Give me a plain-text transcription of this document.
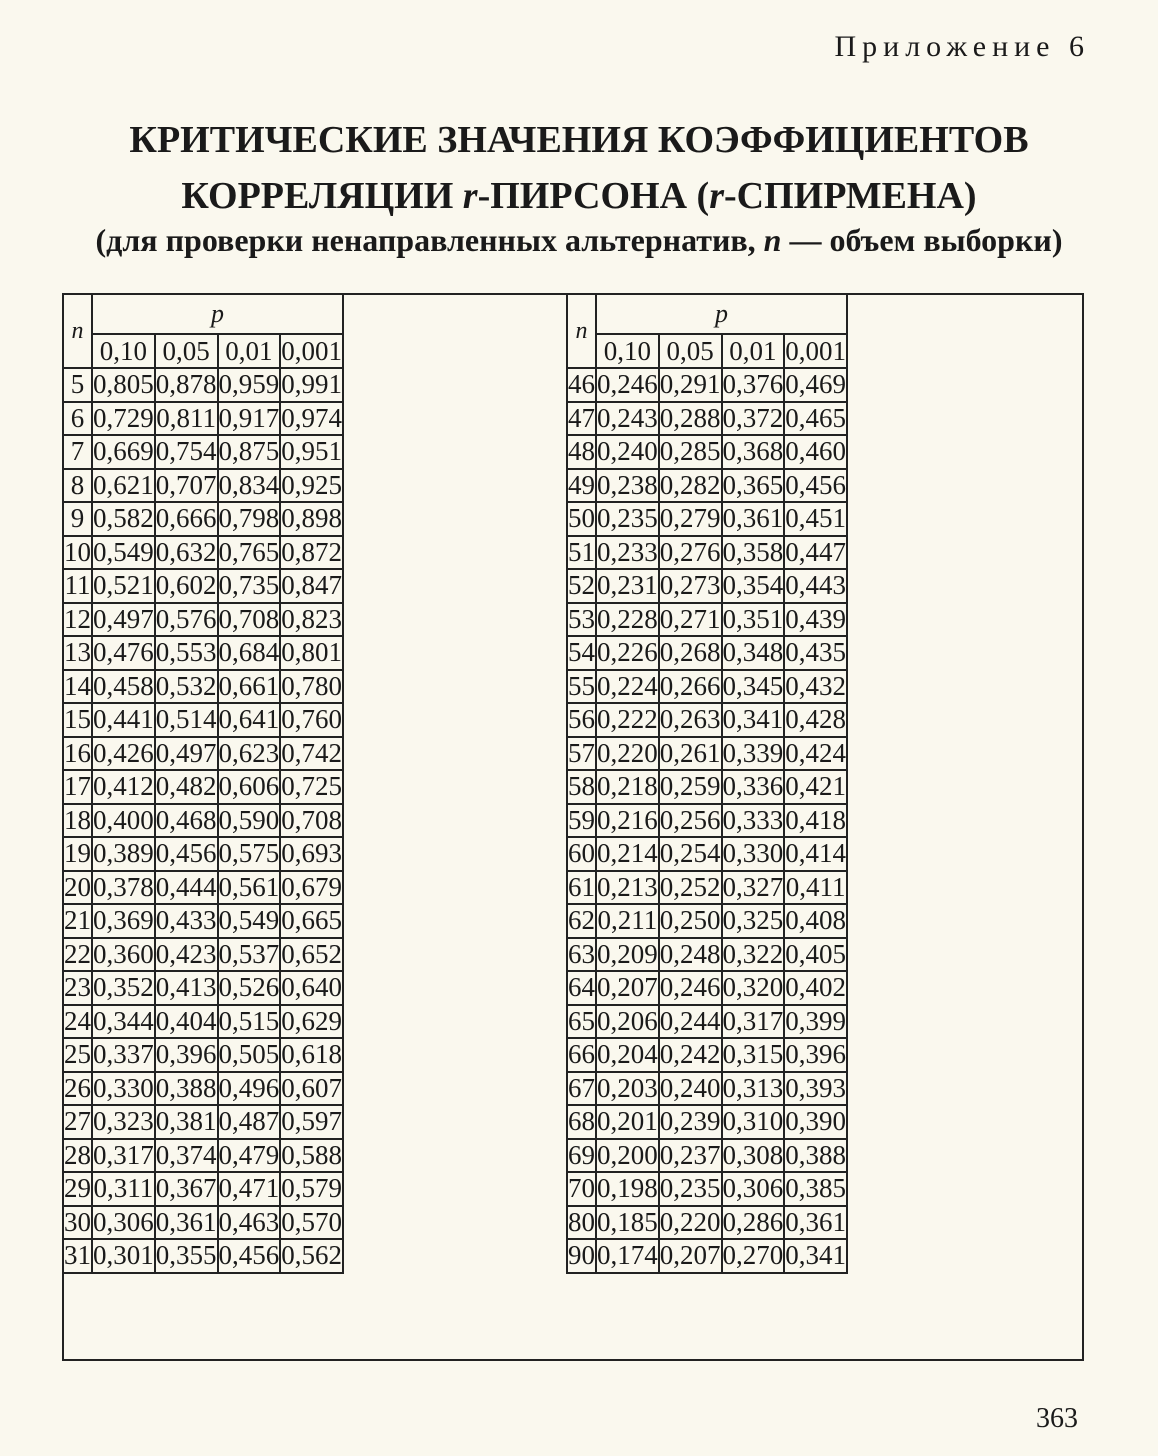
Приложение 6
КРИТИЧЕСКИЕ ЗНАЧЕНИЯ КОЭФФИЦИЕНТОВ
КОРРЕЛЯЦИИ r-ПИРСОНА (r-СПИРМЕНА)
(для проверки ненаправленных альтернатив, n — объем выборки)
n	p			
	0,10	0,05	0,01	0,001
5	0,805	0,878	0,959	0,991
6	0,729	0,811	0,917	0,974
7	0,669	0,754	0,875	0,951
8	0,621	0,707	0,834	0,925
9	0,582	0,666	0,798	0,898
10	0,549	0,632	0,765	0,872
11	0,521	0,602	0,735	0,847
12	0,497	0,576	0,708	0,823
13	0,476	0,553	0,684	0,801
14	0,458	0,532	0,661	0,780
15	0,441	0,514	0,641	0,760
16	0,426	0,497	0,623	0,742
17	0,412	0,482	0,606	0,725
18	0,400	0,468	0,590	0,708
19	0,389	0,456	0,575	0,693
20	0,378	0,444	0,561	0,679
21	0,369	0,433	0,549	0,665
22	0,360	0,423	0,537	0,652
23	0,352	0,413	0,526	0,640
24	0,344	0,404	0,515	0,629
25	0,337	0,396	0,505	0,618
26	0,330	0,388	0,496	0,607
27	0,323	0,381	0,487	0,597
28	0,317	0,374	0,479	0,588
29	0,311	0,367	0,471	0,579
30	0,306	0,361	0,463	0,570
31	0,301	0,355	0,456	0,562
n	p			
	0,10	0,05	0,01	0,001
46	0,246	0,291	0,376	0,469
47	0,243	0,288	0,372	0,465
48	0,240	0,285	0,368	0,460
49	0,238	0,282	0,365	0,456
50	0,235	0,279	0,361	0,451
51	0,233	0,276	0,358	0,447
52	0,231	0,273	0,354	0,443
53	0,228	0,271	0,351	0,439
54	0,226	0,268	0,348	0,435
55	0,224	0,266	0,345	0,432
56	0,222	0,263	0,341	0,428
57	0,220	0,261	0,339	0,424
58	0,218	0,259	0,336	0,421
59	0,216	0,256	0,333	0,418
60	0,214	0,254	0,330	0,414
61	0,213	0,252	0,327	0,411
62	0,211	0,250	0,325	0,408
63	0,209	0,248	0,322	0,405
64	0,207	0,246	0,320	0,402
65	0,206	0,244	0,317	0,399
66	0,204	0,242	0,315	0,396
67	0,203	0,240	0,313	0,393
68	0,201	0,239	0,310	0,390
69	0,200	0,237	0,308	0,388
70	0,198	0,235	0,306	0,385
80	0,185	0,220	0,286	0,361
90	0,174	0,207	0,270	0,341
363
